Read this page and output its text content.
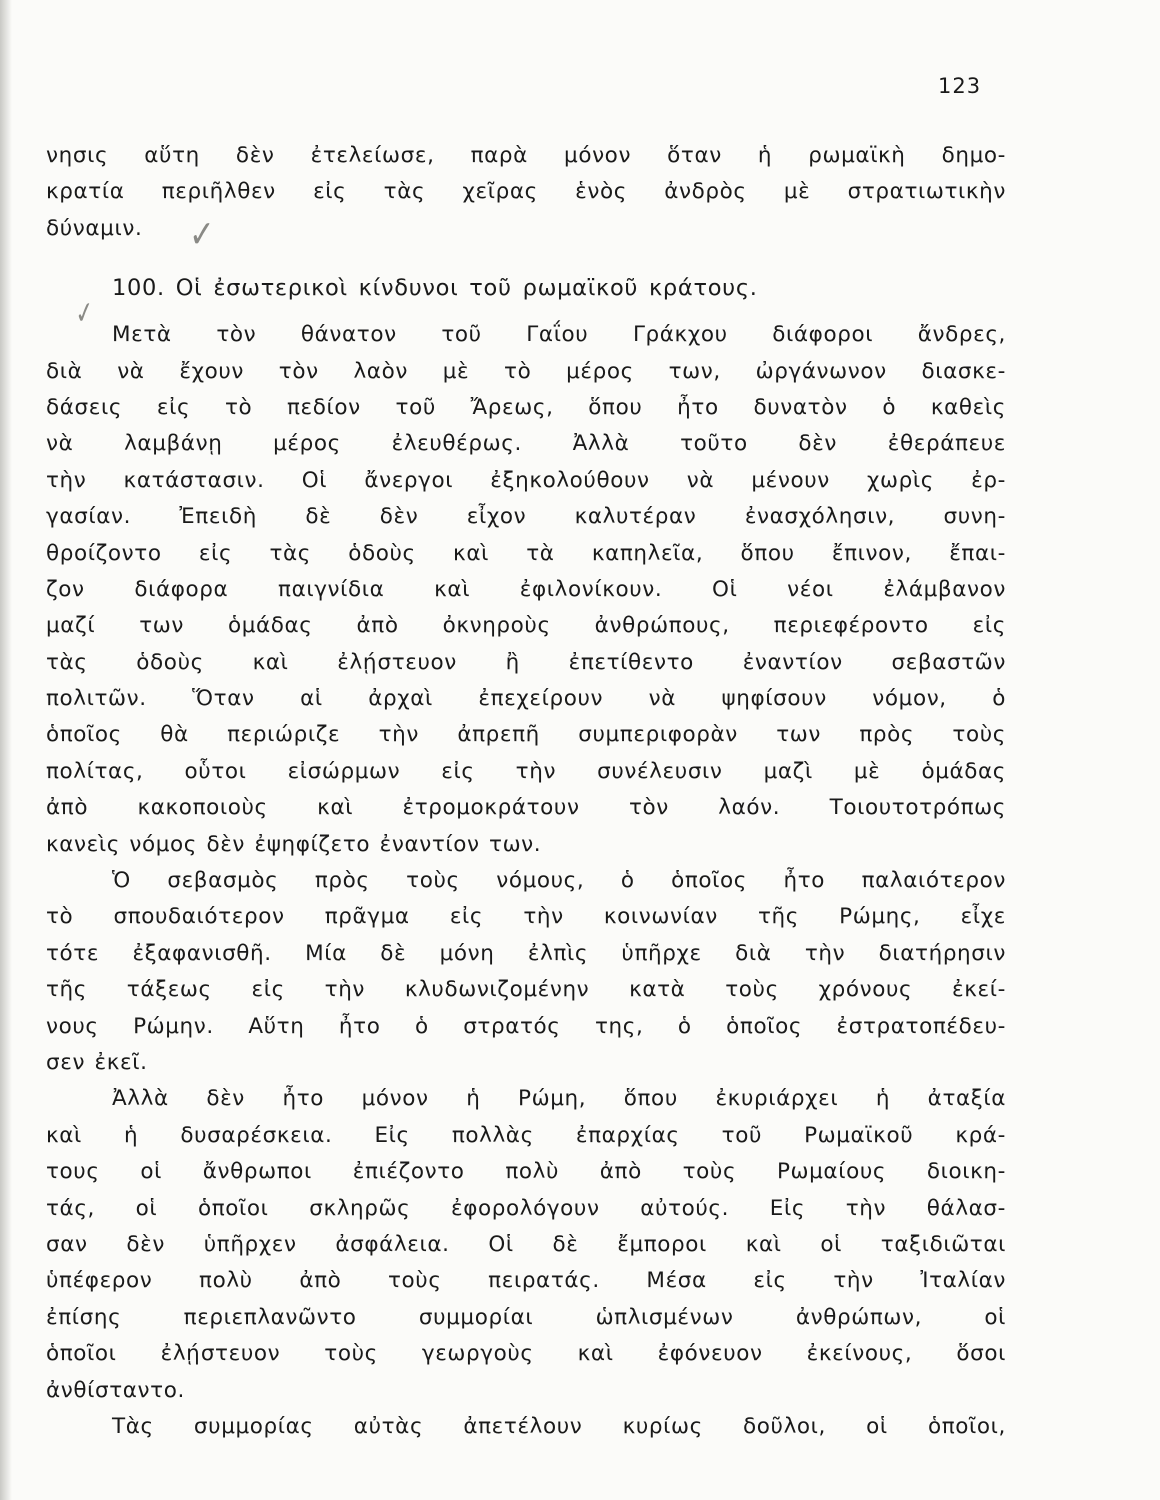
123
✓
✓
νησις αὕτη δὲν ἐτελείωσε, παρὰ μόνον ὅταν ἡ ρωμαϊκὴ δημο-
κρατία περιῆλθεν εἰς τὰς χεῖρας ἑνὸς ἀνδρὸς μὲ στρατιωτικὴν
δύναμιν.
100. Οἱ ἐσωτερικοὶ κίνδυνοι τοῦ ρωμαϊκοῦ κράτους.
Μετὰ τὸν θάνατον τοῦ Γαΐου Γράκχου διάφοροι ἄνδρες,
διὰ νὰ ἔχουν τὸν λαὸν μὲ τὸ μέρος των, ὠργάνωνον διασκε-
δάσεις εἰς τὸ πεδίον τοῦ Ἄρεως, ὅπου ἦτο δυνατὸν ὁ καθεὶς
νὰ λαμβάνῃ μέρος ἐλευθέρως. Ἀλλὰ τοῦτο δὲν ἐθεράπευε
τὴν κατάστασιν. Οἱ ἄνεργοι ἐξηκολούθουν νὰ μένουν χωρὶς ἐρ-
γασίαν. Ἐπειδὴ δὲ δὲν εἶχον καλυτέραν ἐνασχόλησιν, συνη-
θροίζοντο εἰς τὰς ὁδοὺς καὶ τὰ καπηλεῖα, ὅπου ἔπινον, ἔπαι-
ζον διάφορα παιγνίδια καὶ ἐφιλονίκουν. Οἱ νέοι ἐλάμβανον
μαζί των ὁμάδας ἀπὸ ὀκνηροὺς ἀνθρώπους, περιεφέροντο εἰς
τὰς ὁδοὺς καὶ ἐλῄστευον ἢ ἐπετίθεντο ἐναντίον σεβαστῶν
πολιτῶν. Ὅταν αἱ ἀρχαὶ ἐπεχείρουν νὰ ψηφίσουν νόμον, ὁ
ὁποῖος θὰ περιώριζε τὴν ἀπρεπῆ συμπεριφορὰν των πρὸς τοὺς
πολίτας, οὗτοι εἰσώρμων εἰς τὴν συνέλευσιν μαζὶ μὲ ὁμάδας
ἀπὸ κακοποιοὺς καὶ ἐτρομοκράτουν τὸν λαόν. Τοιουτοτρόπως
κανεὶς νόμος δὲν ἐψηφίζετο ἐναντίον των.
Ὁ σεβασμὸς πρὸς τοὺς νόμους, ὁ ὁποῖος ἦτο παλαιότερον
τὸ σπουδαιότερον πρᾶγμα εἰς τὴν κοινωνίαν τῆς Ρώμης, εἶχε
τότε ἐξαφανισθῆ. Μία δὲ μόνη ἐλπὶς ὑπῆρχε διὰ τὴν διατήρησιν
τῆς τάξεως εἰς τὴν κλυδωνιζομένην κατὰ τοὺς χρόνους ἐκεί-
νους Ρώμην. Αὕτη ἦτο ὁ στρατός της, ὁ ὁποῖος ἐστρατοπέδευ-
σεν ἐκεῖ.
Ἀλλὰ δὲν ἦτο μόνον ἡ Ρώμη, ὅπου ἐκυριάρχει ἡ ἀταξία
καὶ ἡ δυσαρέσκεια. Εἰς πολλὰς ἐπαρχίας τοῦ Ρωμαϊκοῦ κρά-
τους οἱ ἄνθρωποι ἐπιέζοντο πολὺ ἀπὸ τοὺς Ρωμαίους διοικη-
τάς, οἱ ὁποῖοι σκληρῶς ἐφορολόγουν αὐτούς. Εἰς τὴν θάλασ-
σαν δὲν ὑπῆρχεν ἀσφάλεια. Οἱ δὲ ἔμποροι καὶ οἱ ταξιδιῶται
ὑπέφερον πολὺ ἀπὸ τοὺς πειρατάς. Μέσα εἰς τὴν Ἰταλίαν
ἐπίσης περιεπλανῶντο συμμορίαι ὡπλισμένων ἀνθρώπων, οἱ
ὁποῖοι ἐλῄστευον τοὺς γεωργοὺς καὶ ἐφόνευον ἐκείνους, ὅσοι
ἀνθίσταντο.
Τὰς συμμορίας αὐτὰς ἀπετέλουν κυρίως δοῦλοι, οἱ ὁποῖοι,
